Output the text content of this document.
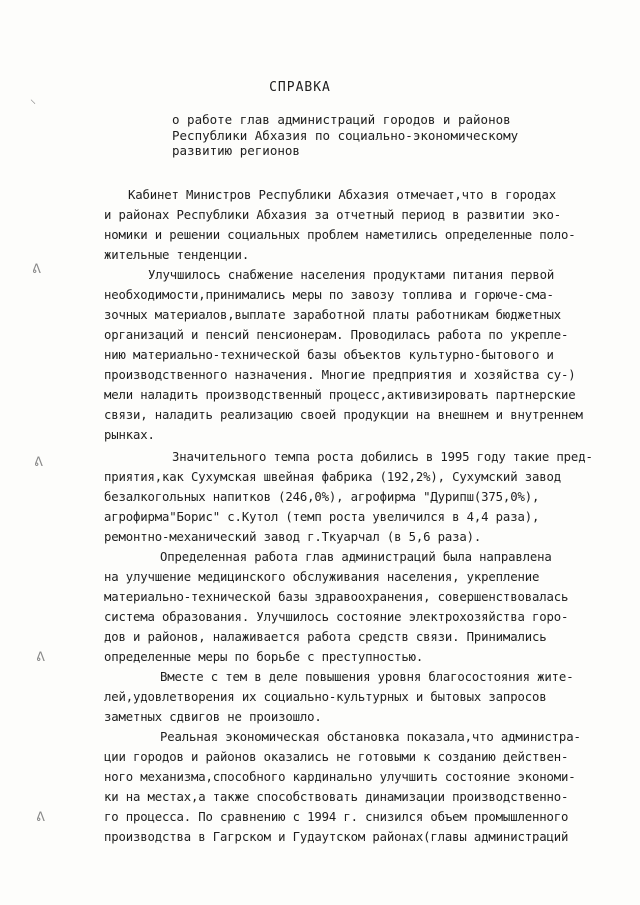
⸜
ᕕ
ᕕ
ᕕ
ᕕ
СПРАВКА
о работе глав администраций городов и районов
Республики Абхазия по социально-экономическому
развитию регионов
Кабинет Министров Республики Абхазия отмечает,что в городах
и районах Республики Абхазия за отчетный период в развитии эко-
номики и решении социальных проблем наметились определенные поло-
жительные тенденции.
Улучшилось снабжение населения продуктами питания первой
необходимости,принимались меры по завозу топлива и горюче-сма-
зочных материалов,выплате заработной платы работникам бюджетных
организаций и пенсий пенсионерам. Проводилась работа по укрепле-
нию материально-технической базы объектов культурно-бытового и
производственного назначения. Многие предприятия и хозяйства су-)
мели наладить производственный процесс,активизировать партнерские
связи, наладить реализацию своей продукции на внешнем и внутреннем
рынках.
Значительного темпа роста добились в 1995 году такие пред-
приятия,как Сухумская швейная фабрика (192,2%), Сухумский завод
безалкогольных напитков (246,0%), агрофирма "Дурипш(375,0%),
агрофирма"Борис" с.Кутол (темп роста увеличился в 4,4 раза),
ремонтно-механический завод г.Ткуарчал (в 5,6 раза).
Определенная работа глав администраций была направлена
на улучшение медицинского обслуживания населения, укрепление
материально-технической базы здравоохранения, совершенствовалась
система образования. Улучшилось состояние электрохозяйства горо-
дов и районов, налаживается работа средств связи. Принимались
определенные меры по борьбе с преступностью.
Вместе с тем в деле повышения уровня благосостояния жите-
лей,удовлетворения их социально-культурных и бытовых запросов
заметных сдвигов не произошло.
Реальная экономическая обстановка показала,что администра-
ции городов и районов оказались не готовыми к созданию действен-
ного механизма,способного кардинально улучшить состояние экономи-
ки на местах,а также способствовать динамизации производственно-
го процесса. По сравнению с 1994 г. снизился объем промышленного
производства в Гагрском и Гудаутском районах(главы администраций
